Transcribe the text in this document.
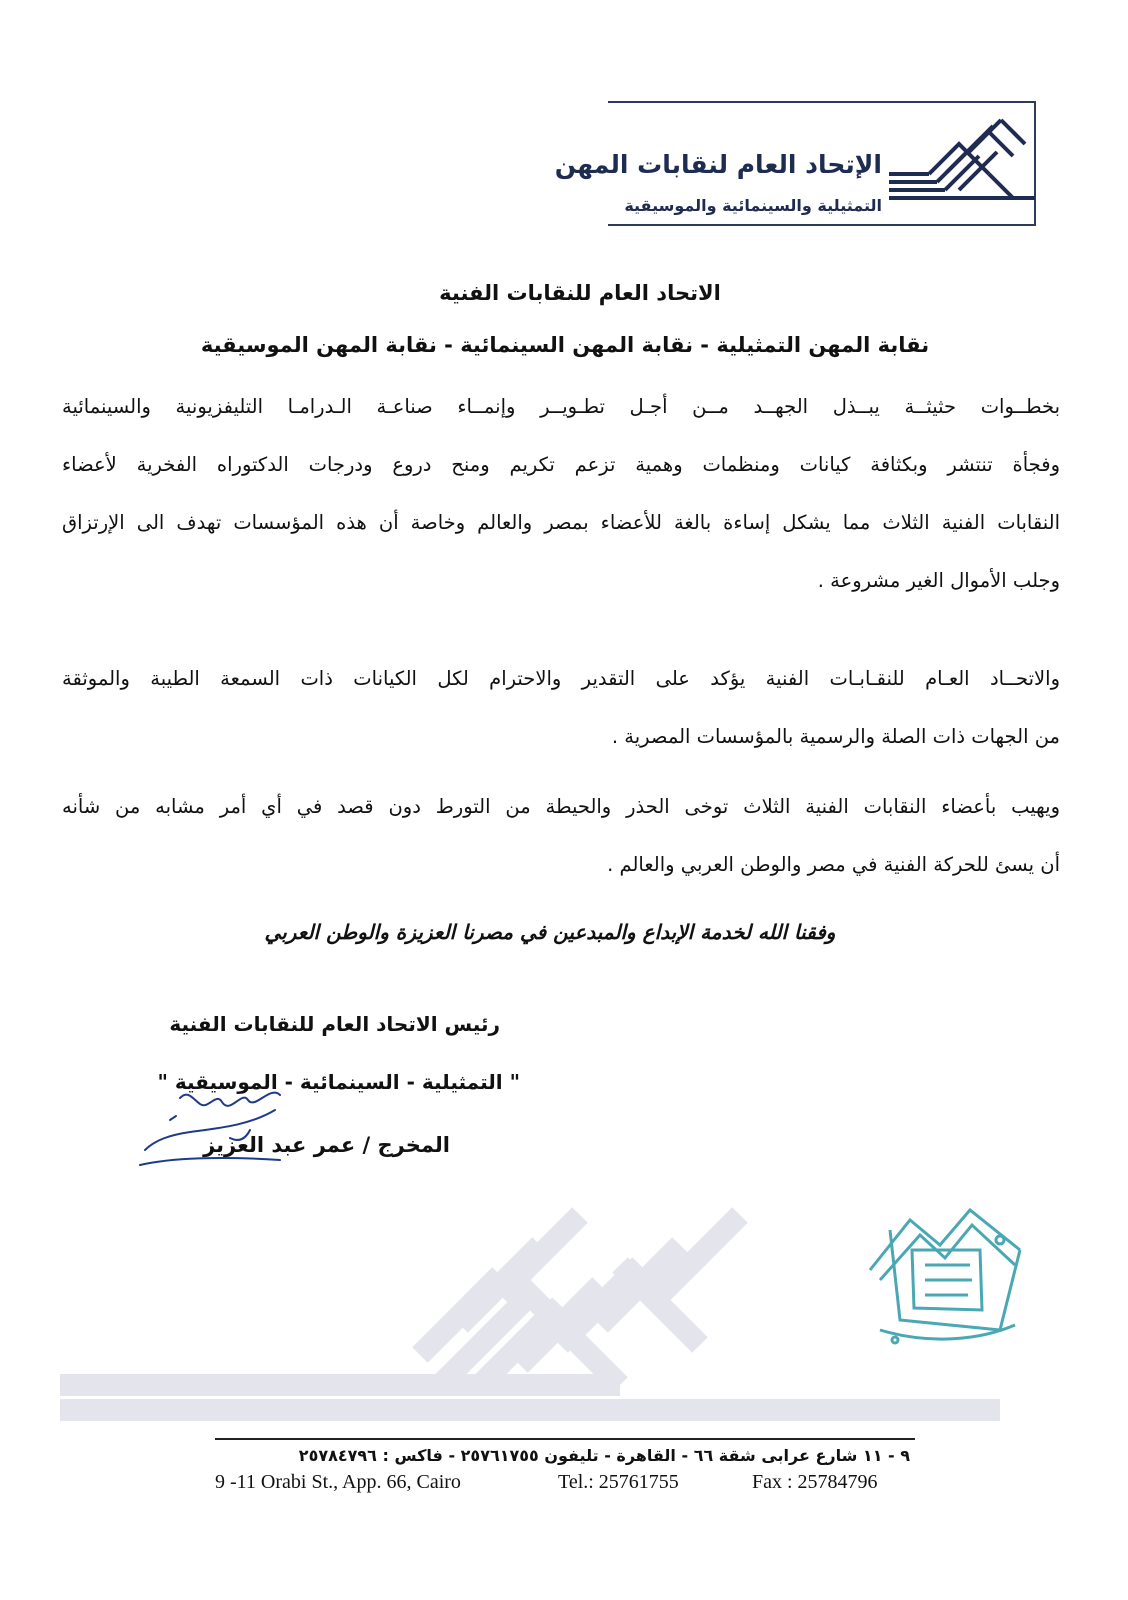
الإتحاد العام لنقابات المهن
التمثيلية والسينمائية والموسيقية
الاتحاد العام للنقابات الفنية
نقابة المهن التمثيلية - نقابة المهن السينمائية - نقابة المهن الموسيقية
بخطــوات حثيثــة يبــذل الجهــد مــن أجـل تطـويــر وإنمــاء صناعـة الـدرامـا التليفزيونية والسينمائية
وفجأة تنتشر وبكثافة كيانات ومنظمات وهمية تزعم تكريم ومنح دروع ودرجات الدكتوراه الفخرية لأعضاء
النقابات الفنية الثلاث مما يشكل إساءة بالغة للأعضاء بمصر والعالم وخاصة أن هذه المؤسسات تهدف الى الإرتزاق
وجلب الأموال الغير مشروعة .
والاتحــاد العـام للنقـابـات الفنية يؤكد على التقدير والاحترام لكل الكيانات ذات السمعة الطيبة والموثقة
من الجهات ذات الصلة والرسمية بالمؤسسات المصرية .
ويهيب بأعضاء النقابات الفنية الثلاث توخى الحذر والحيطة من التورط دون قصد في أي أمر مشابه من شأنه
أن يسئ للحركة الفنية في مصر والوطن العربي والعالم .
وفقنا الله لخدمة الإبداع والمبدعين في مصرنا العزيزة والوطن العربي
رئيس الاتحاد العام للنقابات الفنية
" التمثيلية - السينمائية - الموسيقية "
المخرج / عمر عبد العزيز
٩ - ١١ شارع عرابى شقة ٦٦ - القاهرة - تليفون ٢٥٧٦١٧٥٥ - فاكس : ٢٥٧٨٤٧٩٦
9 -11 Orabi St., App. 66, Cairo	Tel.: 25761755	Fax : 25784796
